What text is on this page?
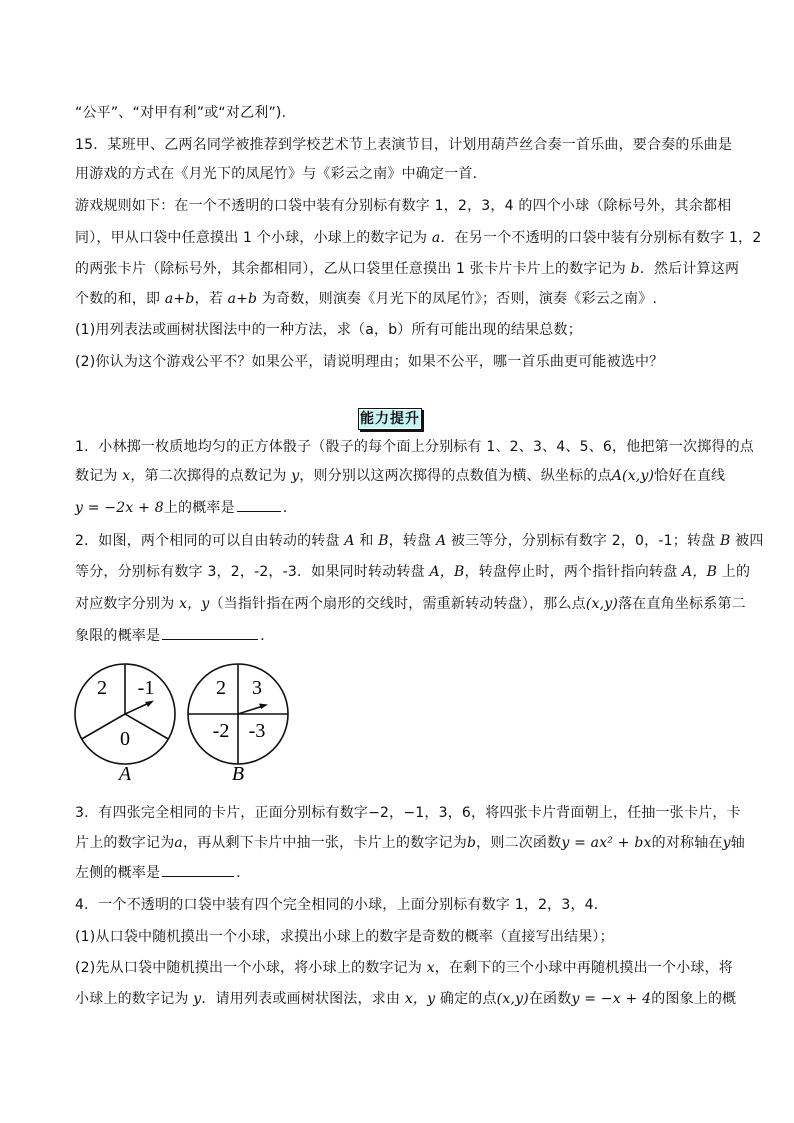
“公平”、“对甲有利”或“对乙利”).
15．某班甲、乙两名同学被推荐到学校艺术节上表演节目，计划用葫芦丝合奏一首乐曲，要合奏的乐曲是
用游戏的方式在《月光下的凤尾竹》与《彩云之南》中确定一首．
游戏规则如下：在一个不透明的口袋中装有分别标有数字 1，2，3，4 的四个小球（除标号外，其余都相
同），甲从口袋中任意摸出 1 个小球，小球上的数字记为 a．在另一个不透明的口袋中装有分别标有数字 1，2
的两张卡片（除标号外，其余都相同），乙从口袋里任意摸出 1 张卡片卡片上的数字记为 b．然后计算这两
个数的和，即 a+b，若 a+b 为奇数，则演奏《月光下的凤尾竹》；否则，演奏《彩云之南》.
(1)用列表法或画树状图法中的一种方法，求（a，b）所有可能出现的结果总数；
(2)你认为这个游戏公平不？如果公平，请说明理由；如果不公平，哪一首乐曲更可能被选中？
能力提升
1．小林掷一枚质地均匀的正方体骰子（骰子的每个面上分别标有 1、2、3、4、5、6，他把第一次掷得的点
数记为 x，第二次掷得的点数记为 y，则分别以这两次掷得的点数值为横、纵坐标的点A(x,y)恰好在直线
y = −2x + 8上的概率是	．
2．如图，两个相同的可以自由转动的转盘 A 和 B，转盘 A 被三等分，分别标有数字 2，0，-1；转盘 B 被四
等分，分别标有数字 3，2，-2，-3．如果同时转动转盘 A，B，转盘停止时，两个指针指向转盘 A，B 上的
对应数字分别为 x，y（当指针指在两个扇形的交线时，需重新转动转盘），那么点(x,y)落在直角坐标系第二
象限的概率是	．
2 -1
0
A
2 3
-2 -3
B
3．有四张完全相同的卡片，正面分别标有数字−2，−1，3，6，将四张卡片背面朝上，任抽一张卡片，卡
片上的数字记为a，再从剩下卡片中抽一张，卡片上的数字记为b，则二次函数y = ax² + bx的对称轴在y轴
左侧的概率是	．
4．一个不透明的口袋中装有四个完全相同的小球，上面分别标有数字 1，2，3，4．
(1)从口袋中随机摸出一个小球，求摸出小球上的数字是奇数的概率（直接写出结果）；
(2)先从口袋中随机摸出一个小球，将小球上的数字记为 x，在剩下的三个小球中再随机摸出一个小球，将
小球上的数字记为 y．请用列表或画树状图法，求由 x，y 确定的点(x,y)在函数y = −x + 4的图象上的概
